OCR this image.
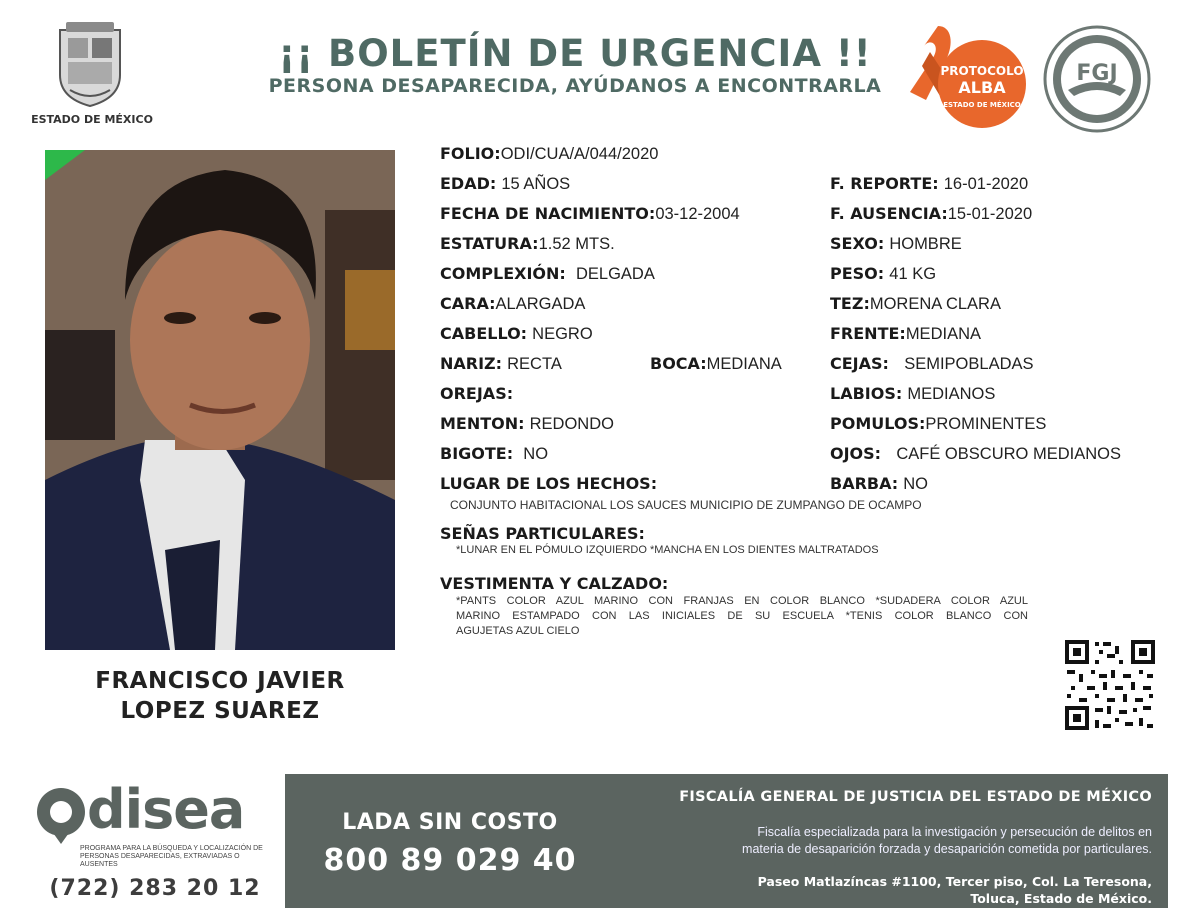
ESTADO DE MÉXICO
¡¡ BOLETÍN DE URGENCIA !!
PERSONA DESAPARECIDA, AYÚDANOS A ENCONTRARLA
PROTOCOLO
ALBA
ESTADO DE MÉXICO
FGJ
FRANCISCO JAVIER
LOPEZ SUAREZ
FOLIO:ODI/CUA/A/044/2020
EDAD: 15 AÑOS
FECHA DE NACIMIENTO:03-12-2004
ESTATURA:1.52 MTS.
COMPLEXIÓN: DELGADA
CARA:ALARGADA
CABELLO: NEGRO
NARIZ: RECTA	BOCA:MEDIANA
OREJAS:
MENTON: REDONDO
BIGOTE: NO
LUGAR DE LOS HECHOS:
CONJUNTO HABITACIONAL LOS SAUCES MUNICIPIO DE ZUMPANGO DE OCAMPO
F. REPORTE: 16-01-2020
F. AUSENCIA:15-01-2020
SEXO: HOMBRE
PESO: 41 KG
TEZ:MORENA CLARA
FRENTE:MEDIANA
CEJAS: SEMIPOBLADAS
LABIOS: MEDIANOS
POMULOS:PROMINENTES
OJOS: CAFÉ OBSCURO MEDIANOS
BARBA: NO
SEÑAS PARTICULARES:
*LUNAR EN EL PÓMULO IZQUIERDO *MANCHA EN LOS DIENTES MALTRATADOS
VESTIMENTA Y CALZADO:
*PANTS COLOR AZUL MARINO CON FRANJAS EN COLOR BLANCO *SUDADERA COLOR AZUL
MARINO ESTAMPADO CON LAS INICIALES DE SU ESCUELA *TENIS COLOR BLANCO CON
AGUJETAS AZUL CIELO
disea
PROGRAMA PARA LA BÚSQUEDA Y LOCALIZACIÓN DE PERSONAS DESAPARECIDAS, EXTRAVIADAS O AUSENTES
(722) 283 20 12
LADA SIN COSTO
800 89 029 40
FISCALÍA GENERAL DE JUSTICIA DEL ESTADO DE MÉXICO
Fiscalía especializada para la investigación y persecución de delitos en
materia de desaparición forzada y desaparición cometida por particulares.
Paseo Matlazíncas #1100, Tercer piso, Col. La Teresona,
Toluca, Estado de México.
